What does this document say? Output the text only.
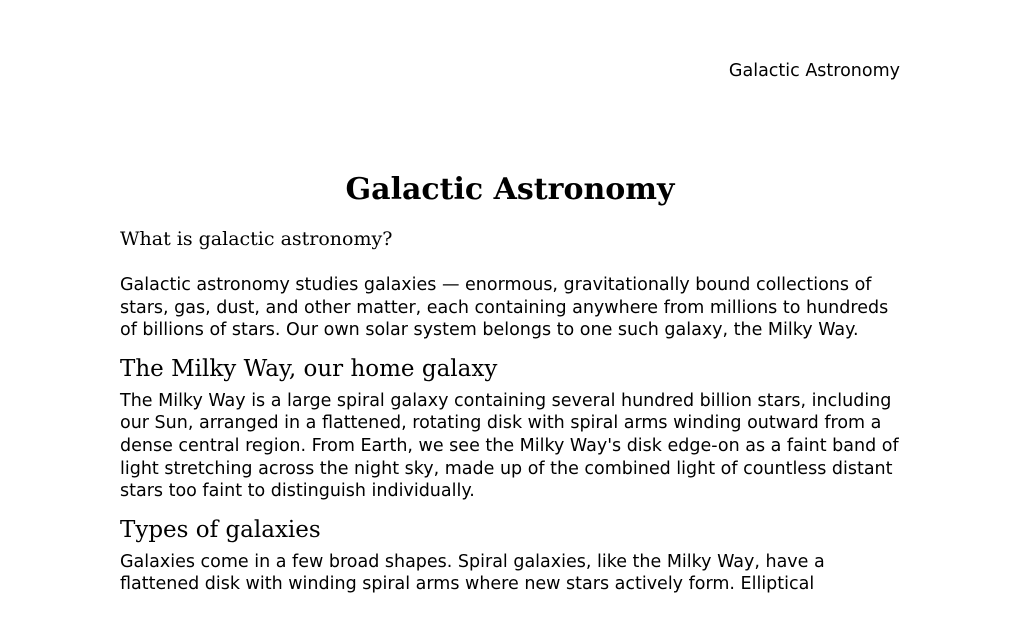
Galactic Astronomy
Galactic Astronomy
What is galactic astronomy?

Galactic astronomy studies galaxies — enormous, gravitationally bound collections of stars, gas, dust, and other matter, each containing anywhere from millions to hundreds of billions of stars. Our own solar system belongs to one such galaxy, the Milky Way.

The Milky Way, our home galaxy

The Milky Way is a large spiral galaxy containing several hundred billion stars, including our Sun, arranged in a flattened, rotating disk with spiral arms winding outward from a dense central region. From Earth, we see the Milky Way's disk edge-on as a faint band of light stretching across the night sky, made up of the combined light of countless distant stars too faint to distinguish individually.

Types of galaxies

Galaxies come in a few broad shapes. Spiral galaxies, like the Milky Way, have a flattened disk with winding spiral arms where new stars actively form. Elliptical
